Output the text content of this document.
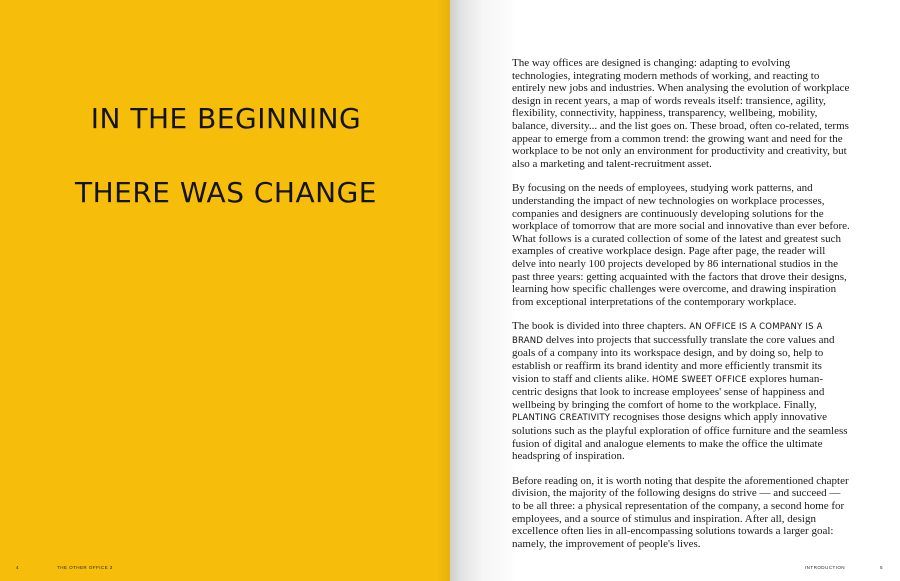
IN THE BEGINNING
THERE WAS CHANGE
4	THE OTHER OFFICE 3	INTRODUCTION	5

The way offices are designed is changing: adapting to evolving technologies, integrating modern methods of working, and reacting to entirely new jobs and industries. When analysing the evolution of workplace design in recent years, a map of words reveals itself: transience, agility, flexibility, connectivity, happiness, transparency, wellbeing, mobility, balance, diversity... and the list goes on. These broad, often co-related, terms appear to emerge from a common trend: the growing want and need for the workplace to be not only an environment for productivity and creativity, but also a marketing and talent-recruitment asset.

By focusing on the needs of employees, studying work patterns, and understanding the impact of new technologies on workplace processes, companies and designers are continuously developing solutions for the workplace of tomorrow that are more social and innovative than ever before. What follows is a curated collection of some of the latest and greatest such examples of creative workplace design. Page after page, the reader will delve into nearly 100 projects developed by 86 international studios in the past three years: getting acquainted with the factors that drove their designs, learning how specific challenges were overcome, and drawing inspiration from exceptional interpretations of the contemporary workplace.

The book is divided into three chapters. AN OFFICE IS A COMPANY IS A BRAND delves into projects that successfully translate the core values and goals of a company into its workspace design, and by doing so, help to establish or reaffirm its brand identity and more efficiently transmit its vision to staff and clients alike. HOME SWEET OFFICE explores human-centric designs that look to increase employees' sense of happiness and wellbeing by bringing the comfort of home to the workplace. Finally, PLANTING CREATIVITY recognises those designs which apply innovative solutions such as the playful exploration of office furniture and the seamless fusion of digital and analogue elements to make the office the ultimate headspring of inspiration.

Before reading on, it is worth noting that despite the aforementioned chapter division, the majority of the following designs do strive — and succeed — to be all three: a physical representation of the company, a second home for employees, and a source of stimulus and inspiration. After all, design excellence often lies in all-encompassing solutions towards a larger goal: namely, the improvement of people's lives.
